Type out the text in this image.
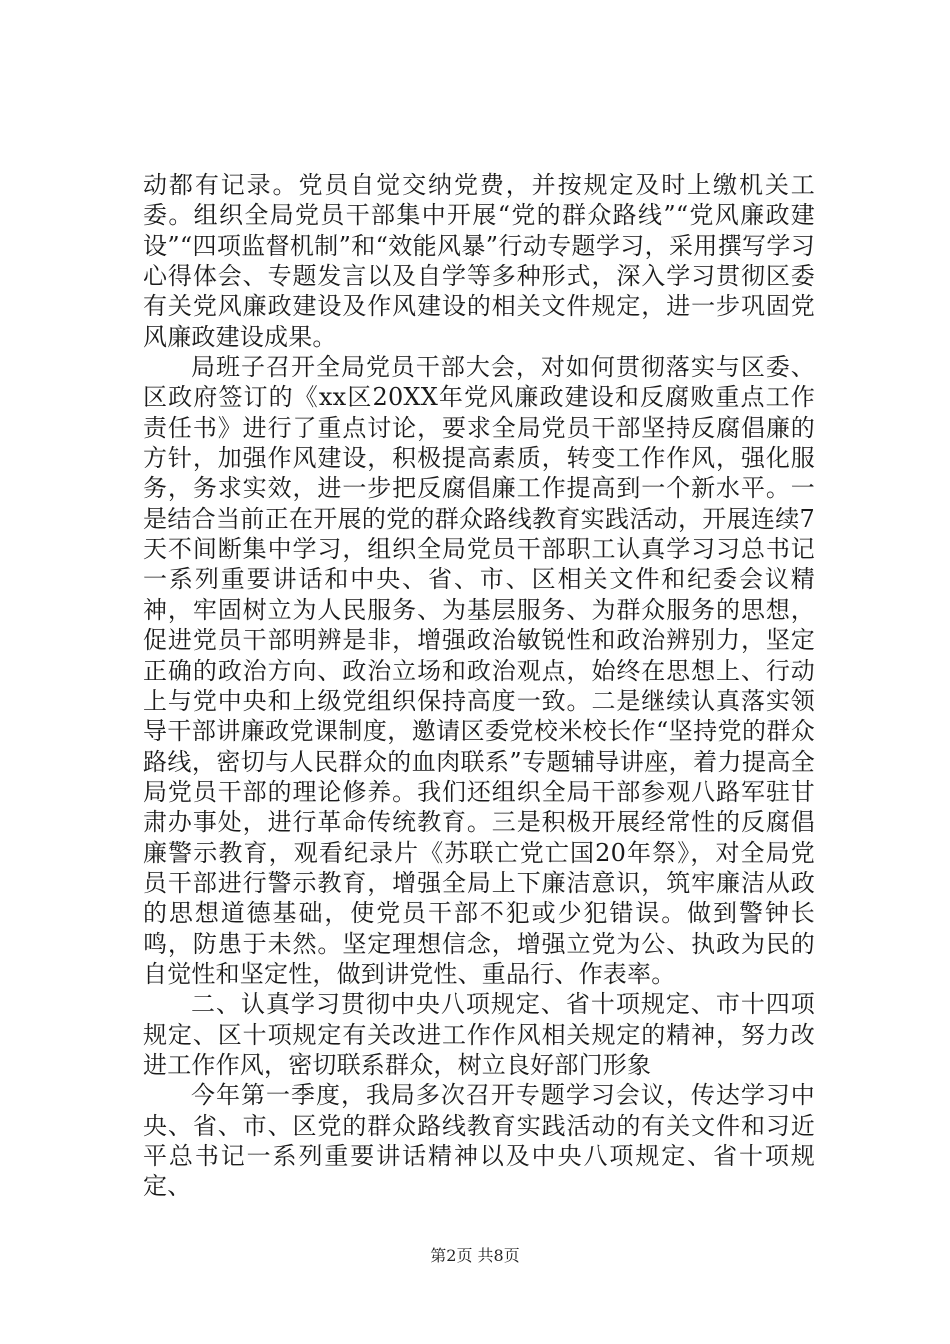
动都有记录。党员自觉交纳党费，并按规定及时上缴机关工委。组织全局党员干部集中开展“党的群众路线”“党风廉政建设”“四项监督机制”和“效能风暴”行动专题学习，采用撰写学习心得体会、专题发言以及自学等多种形式，深入学习贯彻区委有关党风廉政建设及作风建设的相关文件规定，进一步巩固党风廉政建设成果。

局班子召开全局党员干部大会，对如何贯彻落实与区委、区政府签订的《xx区20XX年党风廉政建设和反腐败重点工作责任书》进行了重点讨论，要求全局党员干部坚持反腐倡廉的方针，加强作风建设，积极提高素质，转变工作作风，强化服务，务求实效，进一步把反腐倡廉工作提高到一个新水平。一是结合当前正在开展的党的群众路线教育实践活动，开展连续7天不间断集中学习，组织全局党员干部职工认真学习习总书记一系列重要讲话和中央、省、市、区相关文件和纪委会议精神，牢固树立为人民服务、为基层服务、为群众服务的思想，促进党员干部明辨是非，增强政治敏锐性和政治辨别力，坚定正确的政治方向、政治立场和政治观点，始终在思想上、行动上与党中央和上级党组织保持高度一致。二是继续认真落实领导干部讲廉政党课制度，邀请区委党校米校长作“坚持党的群众路线，密切与人民群众的血肉联系”专题辅导讲座，着力提高全局党员干部的理论修养。我们还组织全局干部参观八路军驻甘肃办事处，进行革命传统教育。三是积极开展经常性的反腐倡廉警示教育，观看纪录片《苏联亡党亡国20年祭》，对全局党员干部进行警示教育，增强全局上下廉洁意识，筑牢廉洁从政的思想道德基础，使党员干部不犯或少犯错误。做到警钟长鸣，防患于未然。坚定理想信念，增强立党为公、执政为民的自觉性和坚定性，做到讲党性、重品行、作表率。

二、认真学习贯彻中央八项规定、省十项规定、市十四项规定、区十项规定有关改进工作作风相关规定的精神，努力改进工作作风，密切联系群众，树立良好部门形象

今年第一季度，我局多次召开专题学习会议，传达学习中央、省、市、区党的群众路线教育实践活动的有关文件和习近平总书记一系列重要讲话精神以及中央八项规定、省十项规定、

第2页 共8页
